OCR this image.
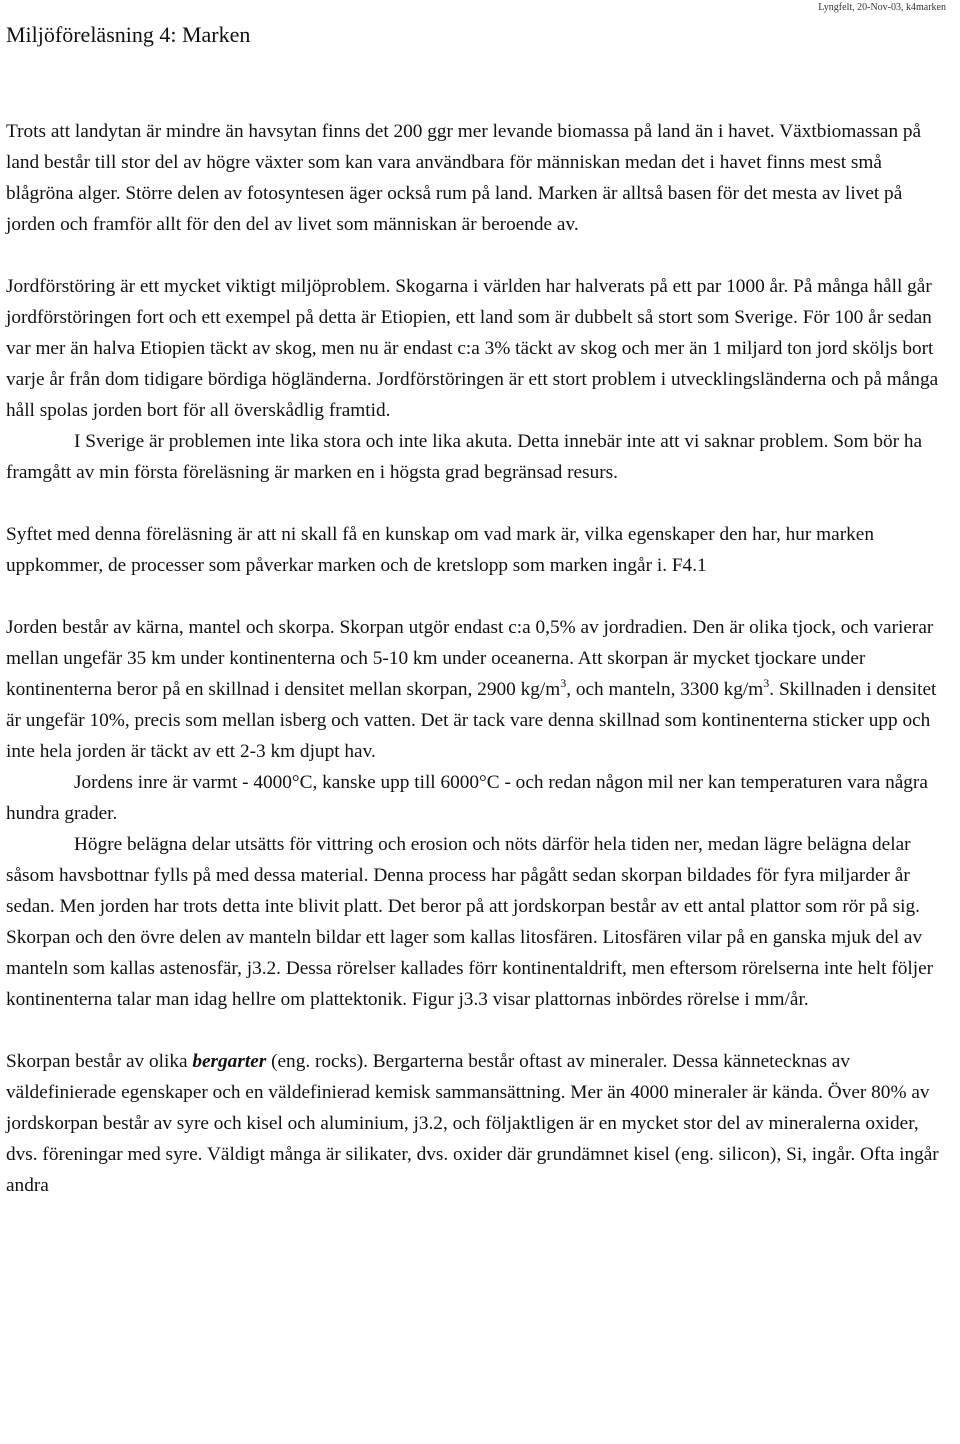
Lyngfelt, 20-Nov-03, k4marken
Miljöföreläsning 4: Marken

Trots att landytan är mindre än havsytan finns det 200 ggr mer levande biomassa på land än i havet. Växtbiomassan på land består till stor del av högre växter som kan vara användbara för människan medan det i havet finns mest små blågröna alger. Större delen av fotosyntesen äger också rum på land. Marken är alltså basen för det mesta av livet på jorden och framför allt för den del av livet som människan är beroende av.

Jordförstöring är ett mycket viktigt miljöproblem. Skogarna i världen har halverats på ett par 1000 år. På många håll går jordförstöringen fort och ett exempel på detta är Etiopien, ett land som är dubbelt så stort som Sverige. För 100 år sedan var mer än halva Etiopien täckt av skog, men nu är endast c:a 3% täckt av skog och mer än 1 miljard ton jord sköljs bort varje år från dom tidigare bördiga högländerna. Jordförstöringen är ett stort problem i utvecklingsländerna och på många håll spolas jorden bort för all överskådlig framtid.

I Sverige är problemen inte lika stora och inte lika akuta. Detta innebär inte att vi saknar problem. Som bör ha framgått av min första föreläsning är marken en i högsta grad begränsad resurs.

Syftet med denna föreläsning är att ni skall få en kunskap om vad mark är, vilka egenskaper den har, hur marken uppkommer, de processer som påverkar marken och de kretslopp som marken ingår i. F4.1

Jorden består av kärna, mantel och skorpa. Skorpan utgör endast c:a 0,5% av jordradien. Den är olika tjock, och varierar mellan ungefär 35 km under kontinenterna och 5-10 km under oceanerna. Att skorpan är mycket tjockare under kontinenterna beror på en skillnad i densitet mellan skorpan, 2900 $kg/m^3$, och manteln, 3300 $kg/m^3$. Skillnaden i densitet är ungefär 10%, precis som mellan isberg och vatten. Det är tack vare denna skillnad som kontinenterna sticker upp och inte hela jorden är täckt av ett 2-3 km djupt hav.

Jordens inre är varmt - 4000°C, kanske upp till 6000°C - och redan någon mil ner kan temperaturen vara några hundra grader.

Högre belägna delar utsätts för vittring och erosion och nöts därför hela tiden ner, medan lägre belägna delar såsom havsbottnar fylls på med dessa material. Denna process har pågått sedan skorpan bildades för fyra miljarder år sedan. Men jorden har trots detta inte blivit platt. Det beror på att jordskorpan består av ett antal plattor som rör på sig. Skorpan och den övre delen av manteln bildar ett lager som kallas litosfären. Litosfären vilar på en ganska mjuk del av manteln som kallas astenosfär, j3.2. Dessa rörelser kallades förr kontinentaldrift, men eftersom rörelserna inte helt följer kontinenterna talar man idag hellre om plattektonik. Figur j3.3 visar plattornas inbördes rörelse i mm/år.

Skorpan består av olika bergarter (eng. rocks). Bergarterna består oftast av mineraler. Dessa kännetecknas av väldefinierade egenskaper och en väldefinierad kemisk sammansättning. Mer än 4000 mineraler är kända. Över 80% av jordskorpan består av syre och kisel och aluminium, j3.2, och följaktligen är en mycket stor del av mineralerna oxider, dvs. föreningar med syre. Väldigt många är silikater, dvs. oxider där grundämnet kisel (eng. silicon), Si, ingår. Ofta ingår andra
